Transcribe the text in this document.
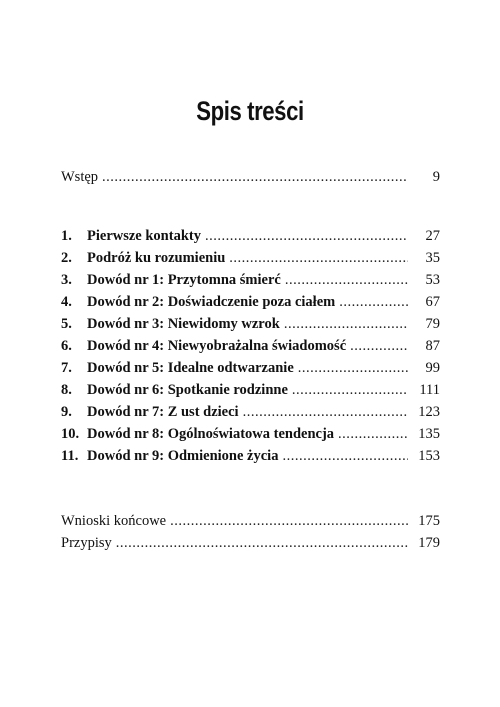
Spis treści
Wstęp .....	9
1.	Pierwsze kontakty .....	27
2.	Podróż ku rozumieniu .....	35
3.	Dowód nr 1: Przytomna śmierć .....	53
4.	Dowód nr 2: Doświadczenie poza ciałem .....	67
5.	Dowód nr 3: Niewidomy wzrok .....	79
6.	Dowód nr 4: Niewyobrażalna świadomość .....	87
7.	Dowód nr 5: Idealne odtwarzanie .....	99
8.	Dowód nr 6: Spotkanie rodzinne .....	111
9.	Dowód nr 7: Z ust dzieci .....	123
10. Dowód nr 8: Ogólnoświatowa tendencja .....	135
11. Dowód nr 9: Odmienione życia .....	153
Wnioski końcowe .....	175
Przypisy .....	179
